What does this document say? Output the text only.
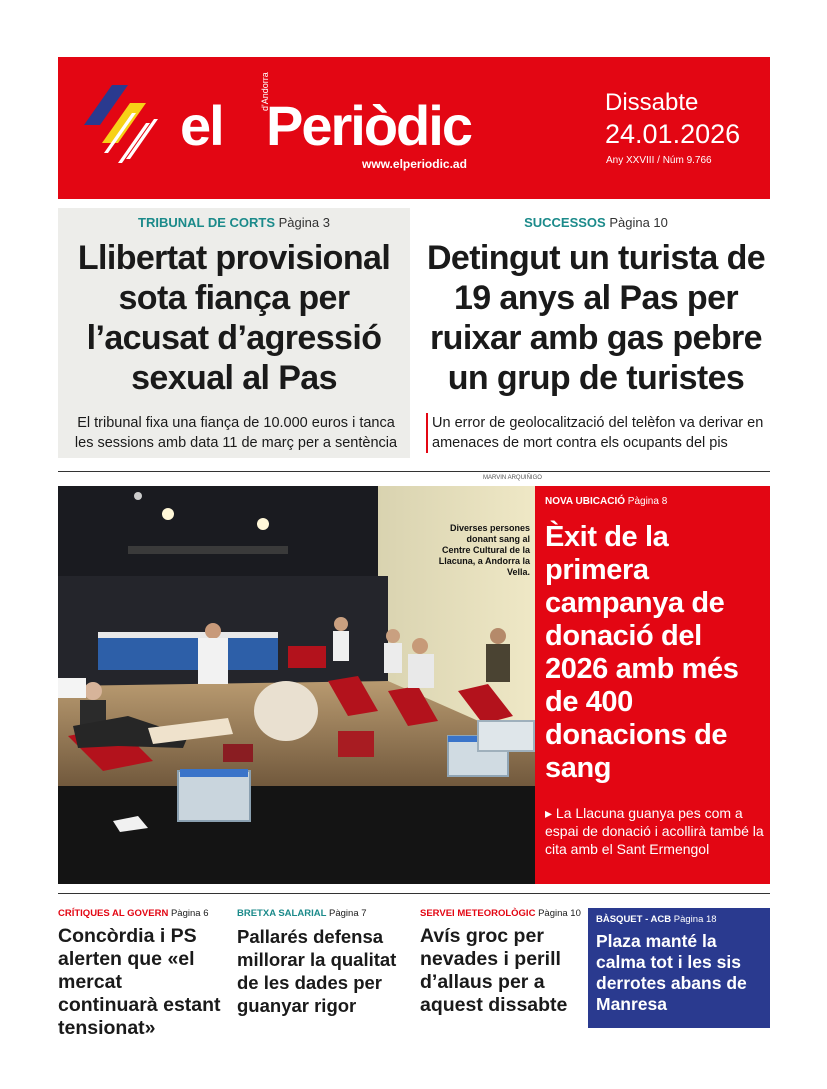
el
d'Andorra
Periòdic
www.elperiodic.ad
Dissabte
24.01.2026
Any XXVIII / Núm 9.766
TRIBUNAL DE CORTS Pàgina 3
Llibertat provisional sota fiança per l’acusat d’agressió sexual al Pas

El tribunal fixa una fiança de 10.000 euros i tanca les sessions amb data 11 de març per a sentència

SUCCESSOS Pàgina 10
Detingut un turista de 19 anys al Pas per ruixar amb gas pebre un grup de turistes

Un error de geolocalització del telèfon va derivar en amenaces de mort contra els ocupants del pis

MARVIN ARQUIÑIGO
Diverses persones donant sang al Centre Cultural de la Llacuna, a Andorra la Vella.
NOVA UBICACIÓ Pàgina 8
Èxit de la primera campanya de donació del 2026 amb més de 400 donacions de sang

▸ La Llacuna guanya pes com a espai de donació i acollirà també la cita amb el Sant Ermengol

CRÍTIQUES AL GOVERN Pàgina 6
Concòrdia i PS alerten que «el mercat continuarà estant tensionat»
BRETXA SALARIAL Pàgina 7
Pallarés defensa millorar la qualitat de les dades per guanyar rigor
SERVEI METEOROLÒGIC Pàgina 10
Avís groc per nevades i perill d’allaus per a aquest dissabte
BÀSQUET - ACB Pàgina 18
Plaza manté la calma tot i les sis derrotes abans de Manresa
